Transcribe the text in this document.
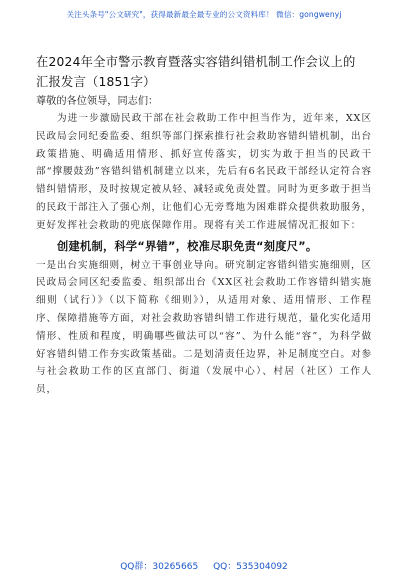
关注头条号"公文研究"，获得最新最全最专业的公文资料库！ 微信：gongwenyj
在2024年全市警示教育暨落实容错纠错机制工作会议上的
汇报发言（1851字）
尊敬的各位领导，同志们：

为进一步激励民政干部在社会救助工作中担当作为，近年来，XX区民政局会同纪委监委、组织等部门探索推行社会救助容错纠错机制，出台政策措施、明确适用情形、抓好宣传落实，切实为敢于担当的民政干部“撑腰鼓劲”容错纠错机制建立以来，先后有6名民政干部经认定符合容错纠错情形，及时按规定被从轻、减轻或免责处置。同时为更多敢于担当的民政干部注入了强心剂，让他们心无旁骛地为困难群众提供救助服务，更好发挥社会救助的兜底保障作用。现将有关工作进展情况汇报如下：

创建机制，科学“界错”，校准尽职免责“刻度尺”。

一是出台实施细则，树立干事创业导向。研究制定容错纠错实施细则，区民政局会同区纪委监委、组织部出台《XX区社会救助工作容错纠错实施细则（试行）》（以下简称《细则》），从适用对象、适用情形、工作程序、保障措施等方面，对社会救助容错纠错工作进行规范，量化实化适用情形、性质和程度，明确哪些做法可以“容”、为什么能“容”，为科学做好容错纠错工作夯实政策基础。二是划清责任边界，补足制度空白。对参与社会救助工作的区直部门、街道（发展中心）、村居（社区）工作人员，

QQ群：30265665 QQ：535304092
